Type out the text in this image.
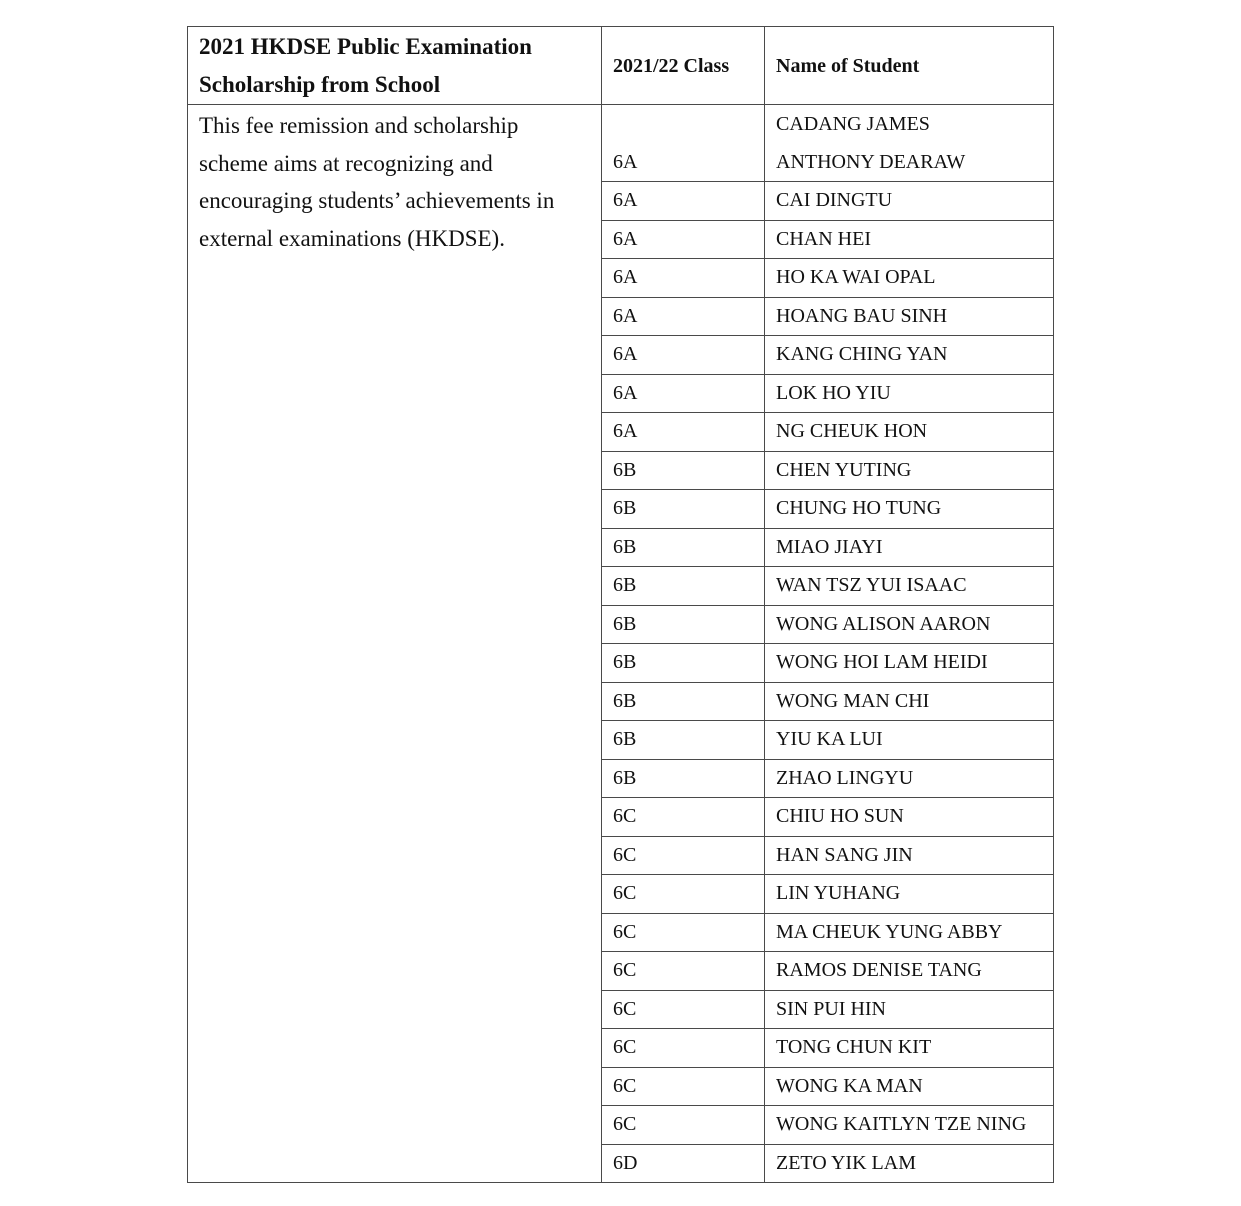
2021 HKDSE Public Examination Scholarship from School	2021/22 Class	Name of Student
This fee remission and scholarship scheme aims at recognizing and encouraging students’ achievements in external examinations (HKDSE).	6A	CADANG JAMES
ANTHONY DEARAW

	6A	CAI DINGTU
	6A	CHAN HEI
	6A	HO KA WAI OPAL
	6A	HOANG BAU SINH
	6A	KANG CHING YAN
	6A	LOK HO YIU
	6A	NG CHEUK HON
	6B	CHEN YUTING
	6B	CHUNG HO TUNG
	6B	MIAO JIAYI
	6B	WAN TSZ YUI ISAAC
	6B	WONG ALISON AARON
	6B	WONG HOI LAM HEIDI
	6B	WONG MAN CHI
	6B	YIU KA LUI
	6B	ZHAO LINGYU
	6C	CHIU HO SUN
	6C	HAN SANG JIN
	6C	LIN YUHANG
	6C	MA CHEUK YUNG ABBY
	6C	RAMOS DENISE TANG
	6C	SIN PUI HIN
	6C	TONG CHUN KIT
	6C	WONG KA MAN
	6C	WONG KAITLYN TZE NING
	6D	ZETO YIK LAM
